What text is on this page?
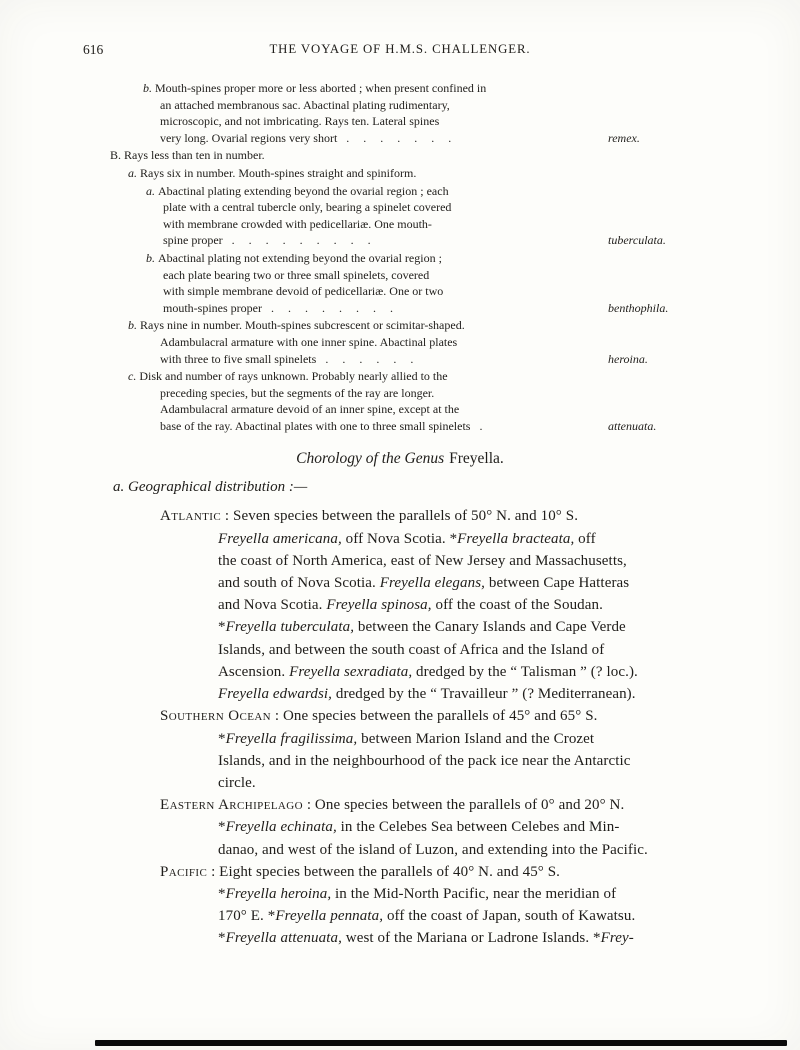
616	THE VOYAGE OF H.M.S. CHALLENGER.
b. Mouth-spines proper more or less aborted ; when present confined in
an attached membranous sac. Abactinal plating rudimentary,
microscopic, and not imbricating. Rays ten. Lateral spines
very long. Ovarial regions very short .......	remex.
B. Rays less than ten in number.
a. Rays six in number. Mouth-spines straight and spiniform.
a. Abactinal plating extending beyond the ovarial region ; each
plate with a central tubercle only, bearing a spinelet covered
with membrane crowded with pedicellariæ. One mouth-
spine proper .........	tuberculata.
b. Abactinal plating not extending beyond the ovarial region ;
each plate bearing two or three small spinelets, covered
with simple membrane devoid of pedicellariæ. One or two
mouth-spines proper ........	benthophila.
b. Rays nine in number. Mouth-spines subcrescent or scimitar-shaped.
Adambulacral armature with one inner spine. Abactinal plates
with three to five small spinelets ......	heroina.
c. Disk and number of rays unknown. Probably nearly allied to the
preceding species, but the segments of the ray are longer.
Adambulacral armature devoid of an inner spine, except at the
base of the ray. Abactinal plates with one to three small spinelets .	attenuata.
Chorology of the Genus Freyella.
a. Geographical distribution :—
Atlantic : Seven species between the parallels of 50° N. and 10° S.
Freyella americana, off Nova Scotia. *Freyella bracteata, off
the coast of North America, east of New Jersey and Massachusetts,
and south of Nova Scotia. Freyella elegans, between Cape Hatteras
and Nova Scotia. Freyella spinosa, off the coast of the Soudan.
*Freyella tuberculata, between the Canary Islands and Cape Verde
Islands, and between the south coast of Africa and the Island of
Ascension. Freyella sexradiata, dredged by the “ Talisman ” (? loc.).
Freyella edwardsi, dredged by the “ Travailleur ” (? Mediterranean).
Southern Ocean : One species between the parallels of 45° and 65° S.
*Freyella fragilissima, between Marion Island and the Crozet
Islands, and in the neighbourhood of the pack ice near the Antarctic
circle.
Eastern Archipelago : One species between the parallels of 0° and 20° N.
*Freyella echinata, in the Celebes Sea between Celebes and Min-
danao, and west of the island of Luzon, and extending into the Pacific.
Pacific : Eight species between the parallels of 40° N. and 45° S.
*Freyella heroina, in the Mid-North Pacific, near the meridian of
170° E. *Freyella pennata, off the coast of Japan, south of Kawatsu.
*Freyella attenuata, west of the Mariana or Ladrone Islands. *Frey-
